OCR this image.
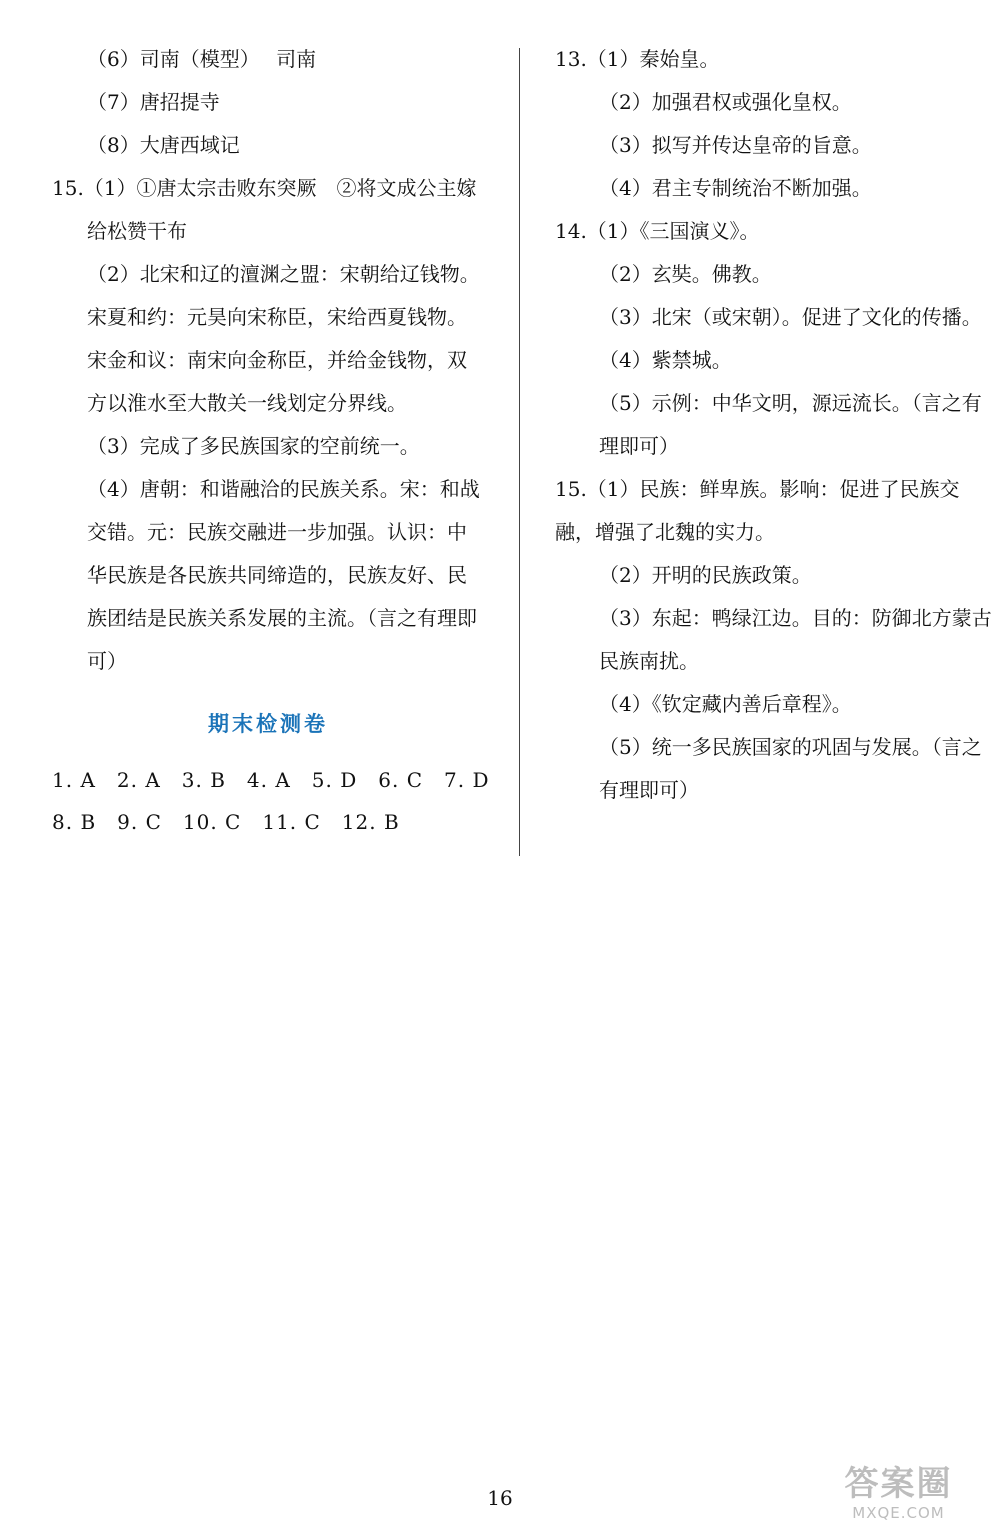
（6）司南（模型）　 司南
（7）唐招提寺
（8）大唐西域记
15.（1）①唐太宗击败东突厥　②将文成公主嫁
给松赞干布
（2）北宋和辽的澶渊之盟：宋朝给辽钱物。宋夏和约：元昊向宋称臣，宋给西夏钱物。宋金和议：南宋向金称臣，并给金钱物，双方以淮水至大散关一线划定分界线。
（3）完成了多民族国家的空前统一。
（4）唐朝：和谐融洽的民族关系。宋：和战交错。元：民族交融进一步加强。认识：中华民族是各民族共同缔造的，民族友好、民族团结是民族关系发展的主流。（言之有理即可）
期末检测卷
1. A　2. A　3. B　4. A　5. D　6. C　7. D
8. B　9. C　10. C　11. C　12. B
13.（1）秦始皇。
（2）加强君权或强化皇权。
（3）拟写并传达皇帝的旨意。
（4）君主专制统治不断加强。
14.（1）《三国演义》。
（2）玄奘。佛教。
（3）北宋（或宋朝）。促进了文化的传播。
（4）紫禁城。
（5）示例：中华文明，源远流长。（言之有理即可）
15.（1）民族：鲜卑族。影响：促进了民族交融，增强了北魏的实力。
（2）开明的民族政策。
（3）东起：鸭绿江边。目的：防御北方蒙古民族南扰。
（4）《钦定藏内善后章程》。
（5）统一多民族国家的巩固与发展。（言之有理即可）
16	答案圈
MXQE.COM
